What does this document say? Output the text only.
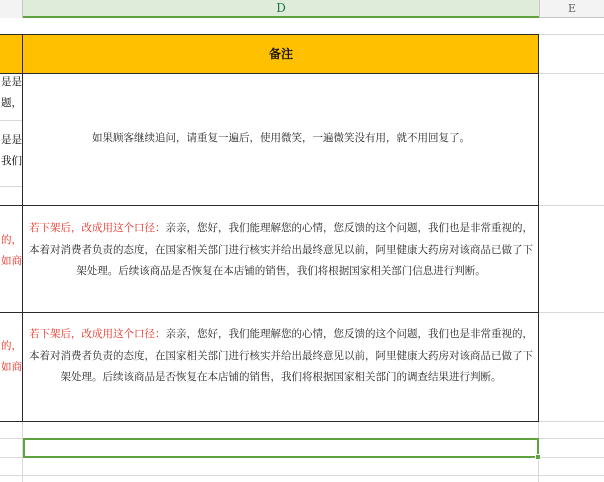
D	E
备注
是是
题，
是是
我们
的，
如商
的，
如商
如果顾客继续追问，请重复一遍后，使用微笑，一遍微笑没有用，就不用回复了。
若下架后，改成用这个口径：亲亲，您好，我们能理解您的心情，您反馈的这个问题，我们也是非常重视的，本着对消费者负责的态度，在国家相关部门进行核实并给出最终意见以前，阿里健康大药房对该商品已做了下架处理。后续该商品是否恢复在本店铺的销售，我们将根据国家相关部门信息进行判断。
若下架后，改成用这个口径：亲亲，您好，我们能理解您的心情，您反馈的这个问题，我们也是非常重视的，本着对消费者负责的态度，在国家相关部门进行核实并给出最终意见以前，阿里健康大药房对该商品已做了下架处理。后续该商品是否恢复在本店铺的销售，我们将根据国家相关部门的调查结果进行判断。
